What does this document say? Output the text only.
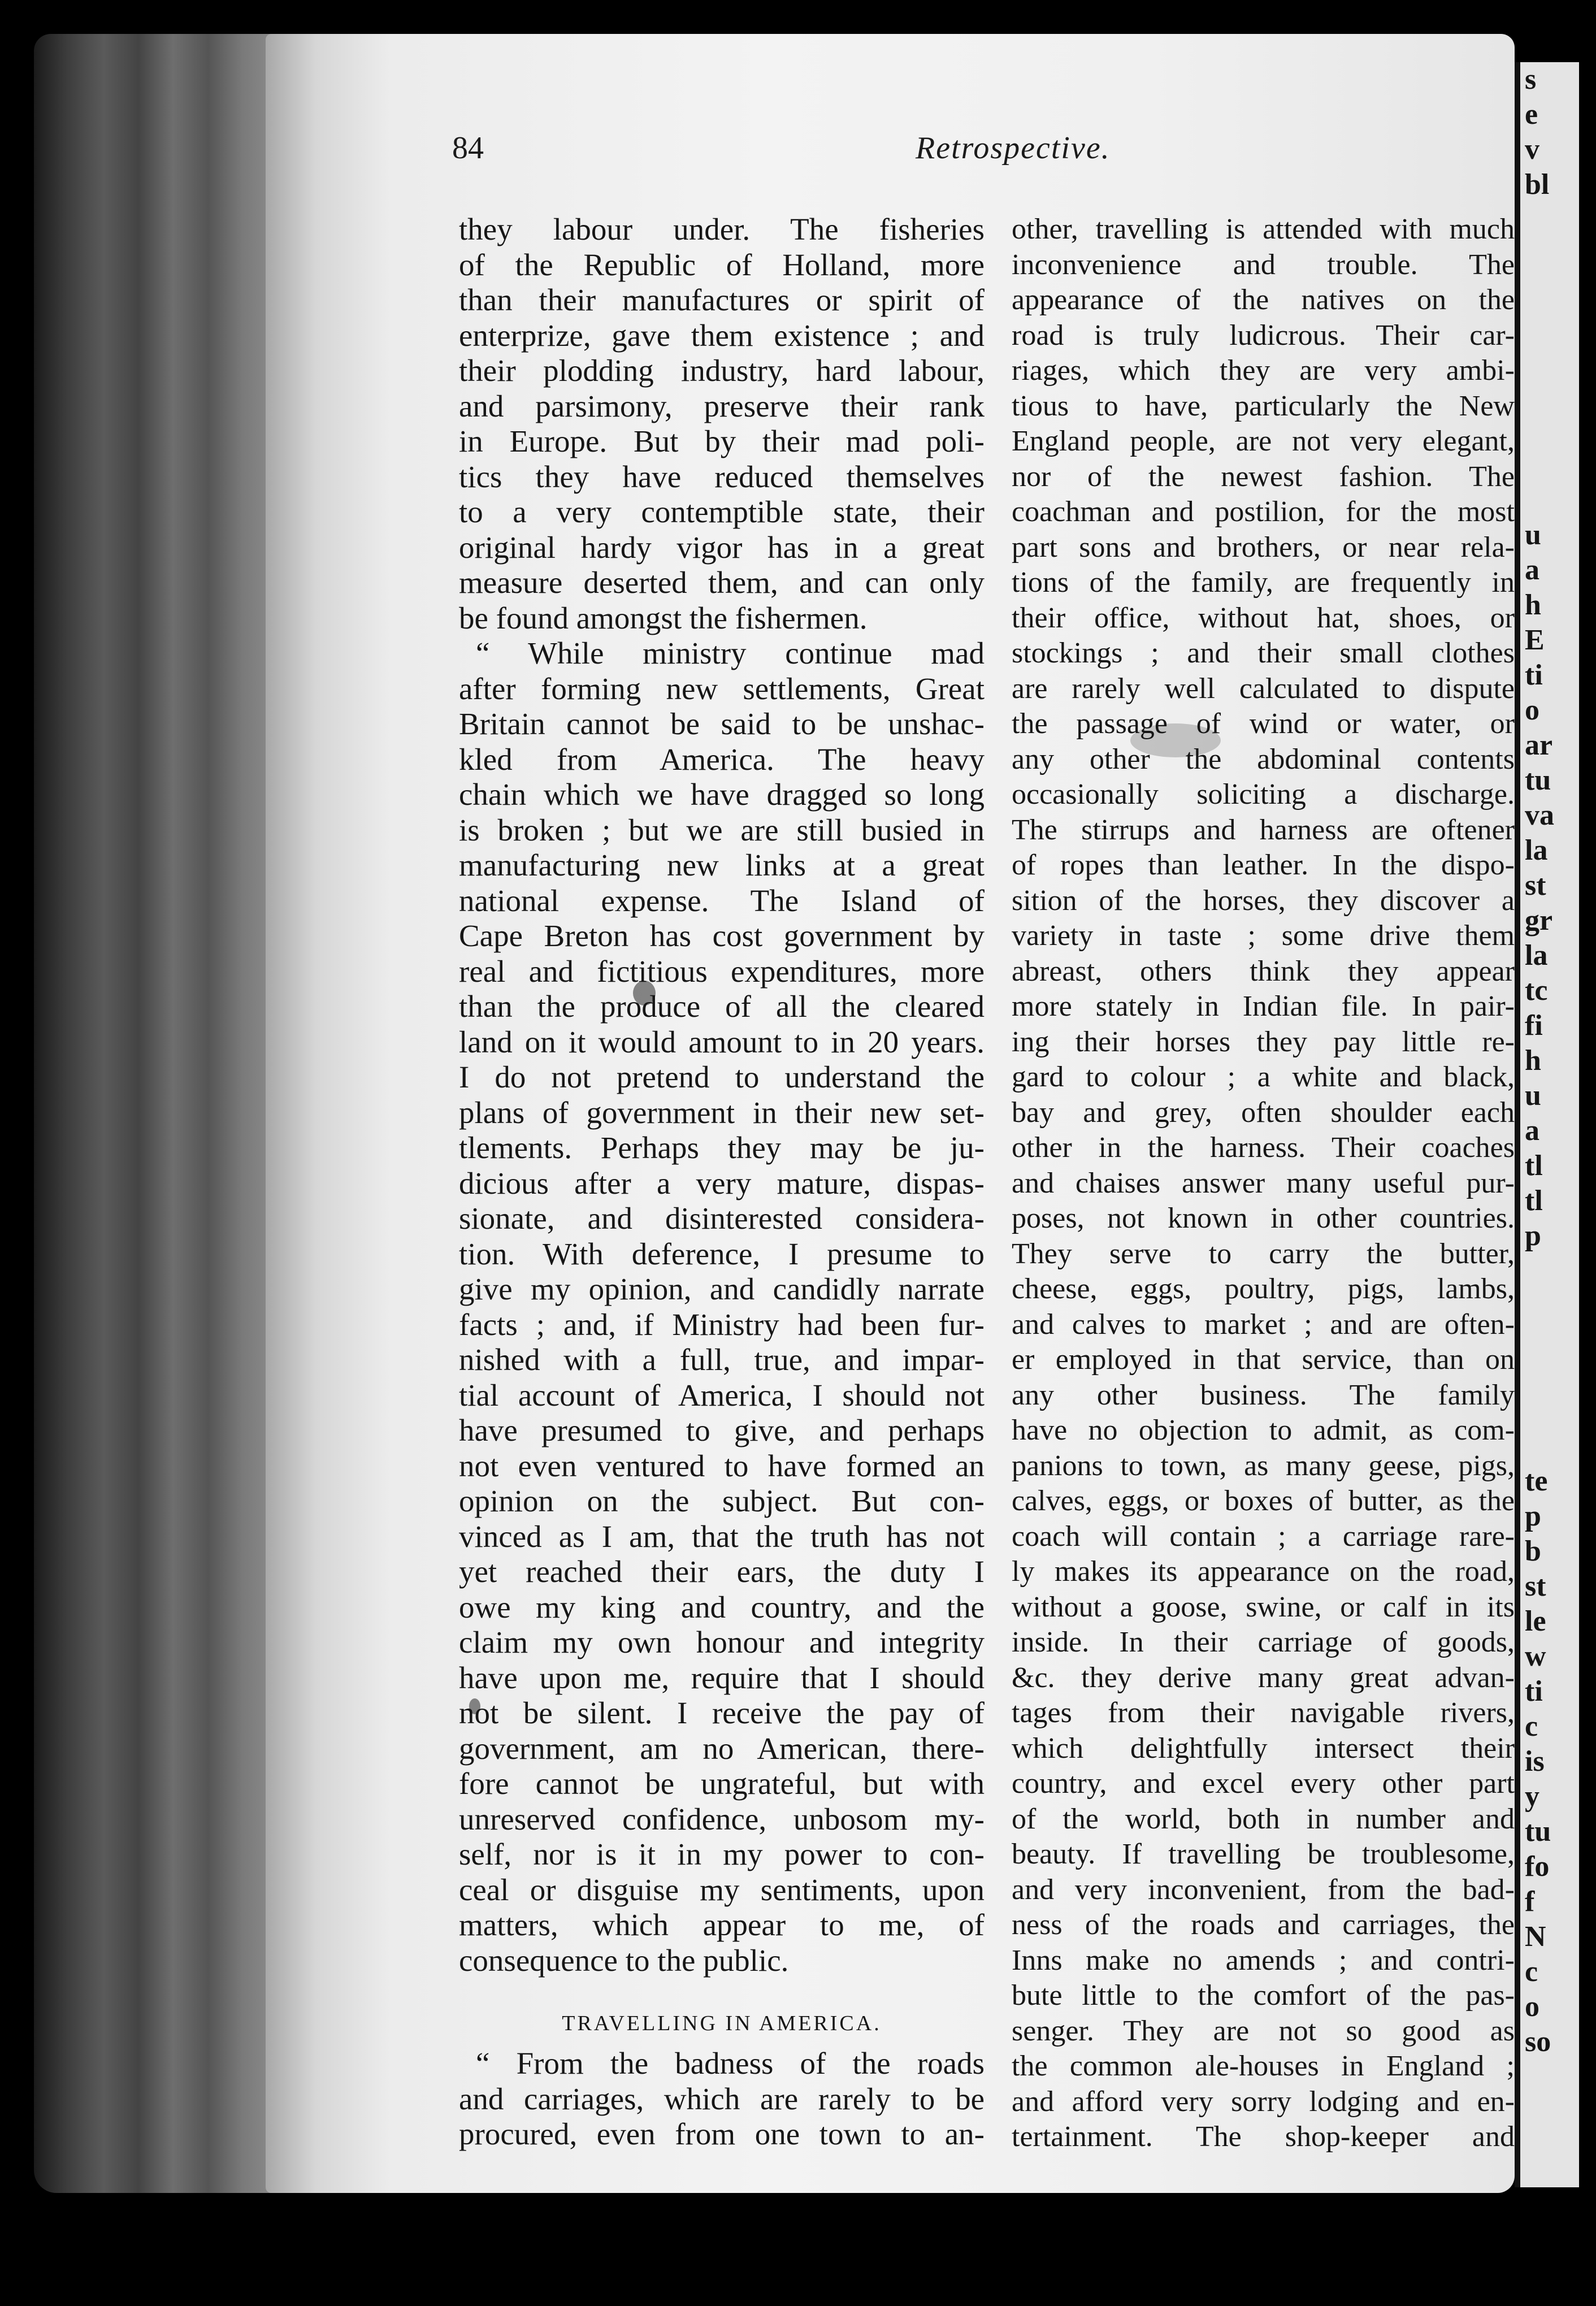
s
e
v
bl
u
a
h
E
ti
o
ar
tu
va
la
st
gr
la
tc
fi
h
u
a
tl
tl
p
te
p
b
st
le
w
ti
c
is
y
tu
fo
f
N
c
o
so
84	Retrospective.
they labour under. The fisheries
of the Republic of Holland, more
than their manufactures or spirit of
enterprize, gave them existence ; and
their plodding industry, hard labour,
and parsimony, preserve their rank
in Europe. But by their mad poli-
tics they have reduced themselves
to a very contemptible state, their
original hardy vigor has in a great
measure deserted them, and can only
be found amongst the fishermen.
“ While ministry continue mad
after forming new settlements, Great
Britain cannot be said to be unshac-
kled from America. The heavy
chain which we have dragged so long
is broken ; but we are still busied in
manufacturing new links at a great
national expense. The Island of
Cape Breton has cost government by
real and fictitious expenditures, more
than the produce of all the cleared
land on it would amount to in 20 years.
I do not pretend to understand the
plans of government in their new set-
tlements. Perhaps they may be ju-
dicious after a very mature, dispas-
sionate, and disinterested considera-
tion. With deference, I presume to
give my opinion, and candidly narrate
facts ; and, if Ministry had been fur-
nished with a full, true, and impar-
tial account of America, I should not
have presumed to give, and perhaps
not even ventured to have formed an
opinion on the subject. But con-
vinced as I am, that the truth has not
yet reached their ears, the duty I
owe my king and country, and the
claim my own honour and integrity
have upon me, require that I should
not be silent. I receive the pay of
government, am no American, there-
fore cannot be ungrateful, but with
unreserved confidence, unbosom my-
self, nor is it in my power to con-
ceal or disguise my sentiments, upon
matters, which appear to me, of
consequence to the public.
TRAVELLING IN AMERICA.
“ From the badness of the roads
and carriages, which are rarely to be
procured, even from one town to an-
other, travelling is attended with much
inconvenience and trouble. The
appearance of the natives on the
road is truly ludicrous. Their car-
riages, which they are very ambi-
tious to have, particularly the New
England people, are not very elegant,
nor of the newest fashion. The
coachman and postilion, for the most
part sons and brothers, or near rela-
tions of the family, are frequently in
their office, without hat, shoes, or
stockings ; and their small clothes
are rarely well calculated to dispute
the passage of wind or water, or
any other the abdominal contents
occasionally soliciting a discharge.
The stirrups and harness are oftener
of ropes than leather. In the dispo-
sition of the horses, they discover a
variety in taste ; some drive them
abreast, others think they appear
more stately in Indian file. In pair-
ing their horses they pay little re-
gard to colour ; a white and black,
bay and grey, often shoulder each
other in the harness. Their coaches
and chaises answer many useful pur-
poses, not known in other countries.
They serve to carry the butter,
cheese, eggs, poultry, pigs, lambs,
and calves to market ; and are often-
er employed in that service, than on
any other business. The family
have no objection to admit, as com-
panions to town, as many geese, pigs,
calves, eggs, or boxes of butter, as the
coach will contain ; a carriage rare-
ly makes its appearance on the road,
without a goose, swine, or calf in its
inside. In their carriage of goods,
&c. they derive many great advan-
tages from their navigable rivers,
which delightfully intersect their
country, and excel every other part
of the world, both in number and
beauty. If travelling be troublesome,
and very inconvenient, from the bad-
ness of the roads and carriages, the
Inns make no amends ; and contri-
bute little to the comfort of the pas-
senger. They are not so good as
the common ale-houses in England ;
and afford very sorry lodging and en-
tertainment. The shop-keeper and
